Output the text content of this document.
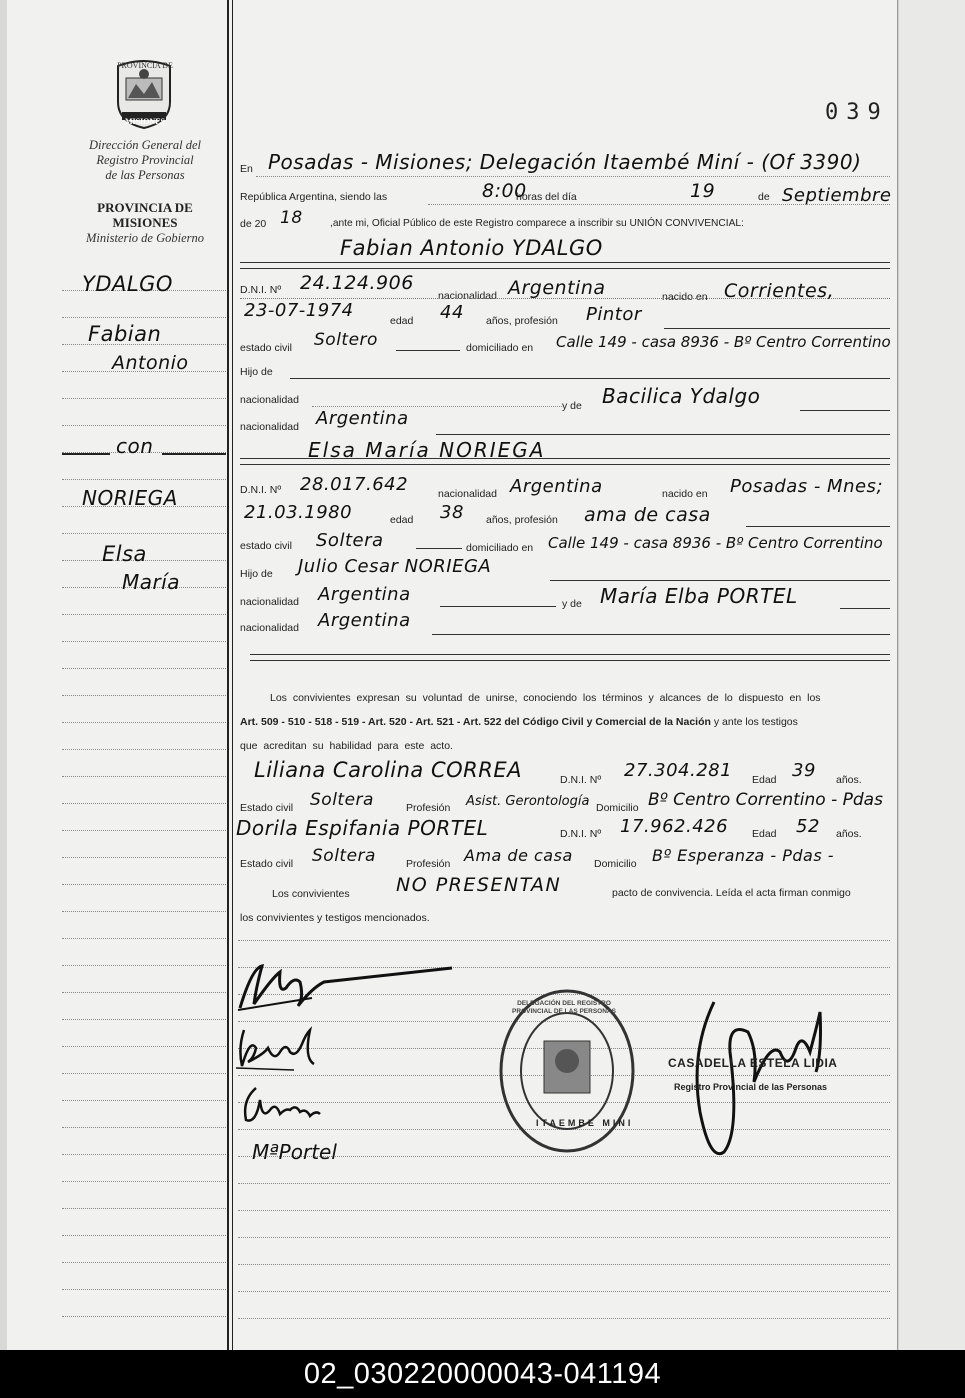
PROVINCIA DE
MISIONES
Dirección General del
Registro Provincial
de las Personas
PROVINCIA DE
MISIONES
Ministerio de Gobierno
039
YDALGO
Fabian
Antonio
con
NORIEGA
Elsa
María
En Posadas - Misiones; Delegación Itaembé Miní - (Of 3390)
República Argentina, siendo las	8:00
horas del día	19	de Septiembre
de 20 18	,ante mi, Oficial Público de este Registro comparece a inscribir su UNIÓN CONVIVENCIAL:
Fabian Antonio YDALGO
D.N.I. Nº 24.124.906
nacionalidad Argentina	nacido en Corrientes,
23-07-1974	edad 44 años, profesión Pintor
estado civil Soltero	domiciliado en Calle 149 - casa 8936 - Bº Centro Correntino
Hijo de
nacionalidad	y de Bacilica Ydalgo
nacionalidad Argentina
Elsa María NORIEGA
D.N.I. Nº 28.017.642	nacionalidad Argentina	nacido en Posadas - Mnes;
21.03.1980	edad 38 años, profesión ama de casa
estado civil Soltera	domiciliado en Calle 149 - casa 8936 - Bº Centro Correntino
Hijo de Julio Cesar NORIEGA
nacionalidad Argentina	y de María Elba PORTEL
nacionalidad Argentina
Los convivientes expresan su voluntad de unirse, conociendo los términos y alcances de lo dispuesto en los
Art. 509 - 510 - 518 - 519 - Art. 520 - Art. 521 - Art. 522 del Código Civil y Comercial de la Nación y ante los testigos
que acreditan su habilidad para este acto.
Liliana Carolina CORREA	D.N.I. Nº 27.304.281 Edad 39 años.
Estado civil Soltera	Profesión Asist. Gerontología Domicilio Bº Centro Correntino - Pdas
Dorila Espifania PORTEL	D.N.I. Nº 17.962.426 Edad 52 años.
Estado civil Soltera	Profesión Ama de casa Domicilio Bº Esperanza - Pdas -
Los convivientes NO PRESENTAN	pacto de convivencia. Leída el acta firman conmigo
los convivientes y testigos mencionados.
MªPortel
ITAEMBE MINI
DELEGACIÓN DEL REGISTRO PROVINCIAL DE LAS PERSONAS
CASADELLA ESTELA LIDIA
Registro Provincial de las Personas
02_030220000043-041194
